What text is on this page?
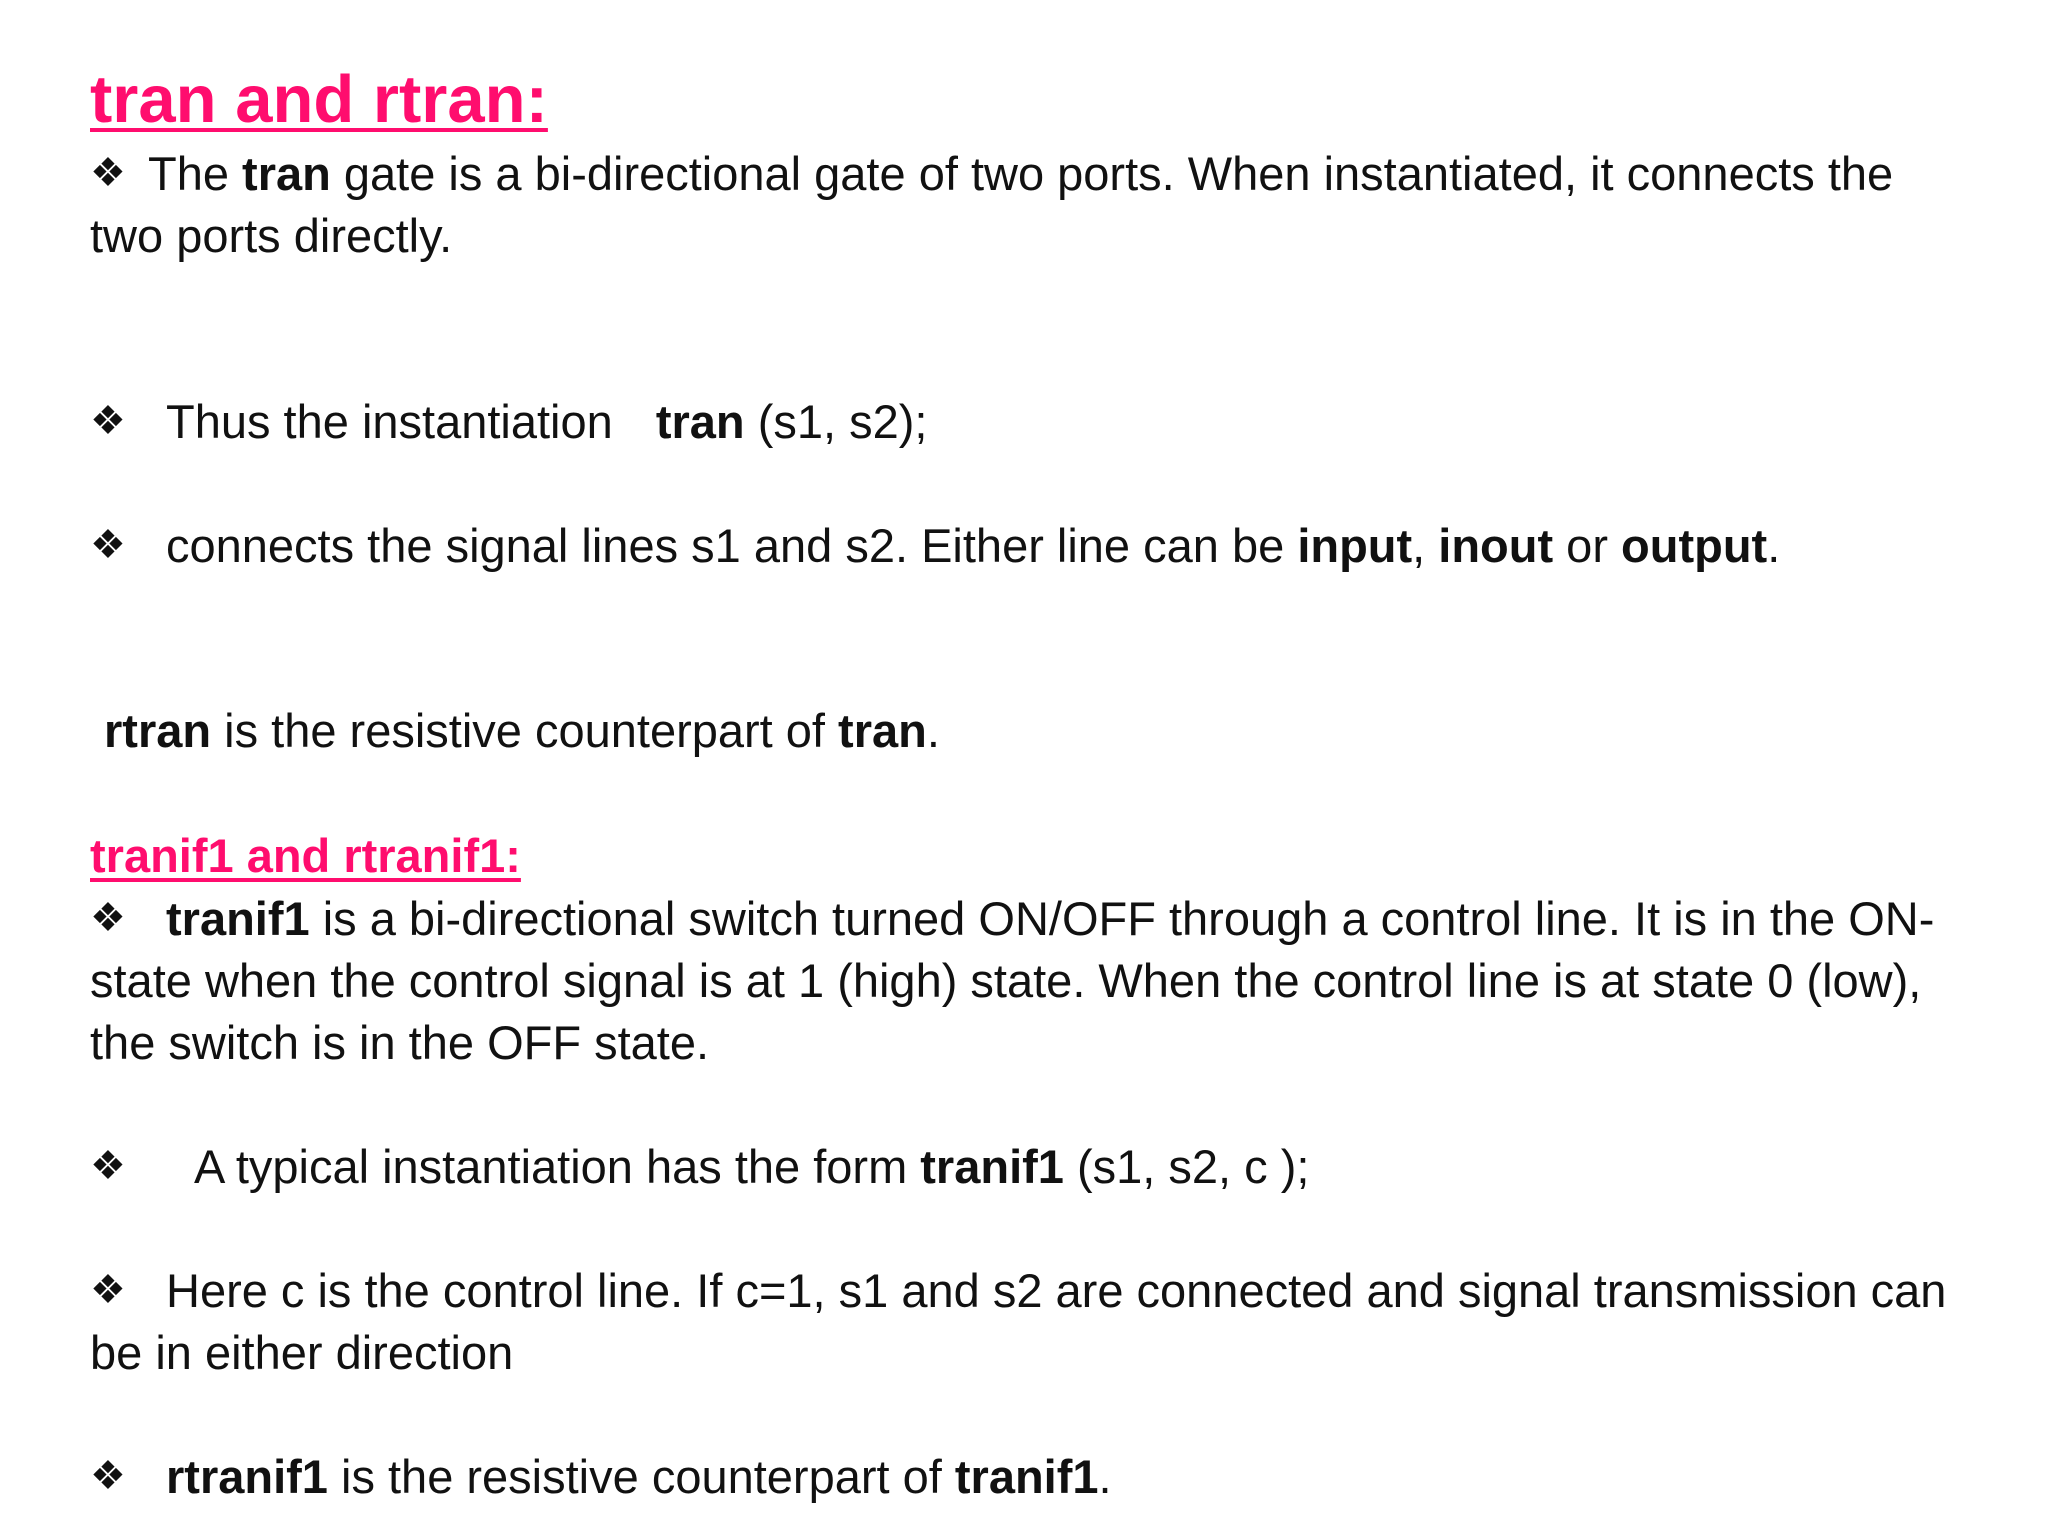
tran and rtran:

❖ The tran gate is a bi-directional gate of two ports. When instantiated, it connects the two ports directly.

❖ Thus the instantiation tran (s1, s2);

❖ connects the signal lines s1 and s2. Either line can be input, inout or output.

rtran is the resistive counterpart of tran.

tranif1 and rtranif1:

❖ tranif1 is a bi-directional switch turned ON/OFF through a control line. It is in the ON-state when the control signal is at 1 (high) state. When the control line is at state 0 (low), the switch is in the OFF state.

❖ A typical instantiation has the form tranif1 (s1, s2, c );

❖ Here c is the control line. If c=1, s1 and s2 are connected and signal transmission can be in either direction

❖ rtranif1 is the resistive counterpart of tranif1.
